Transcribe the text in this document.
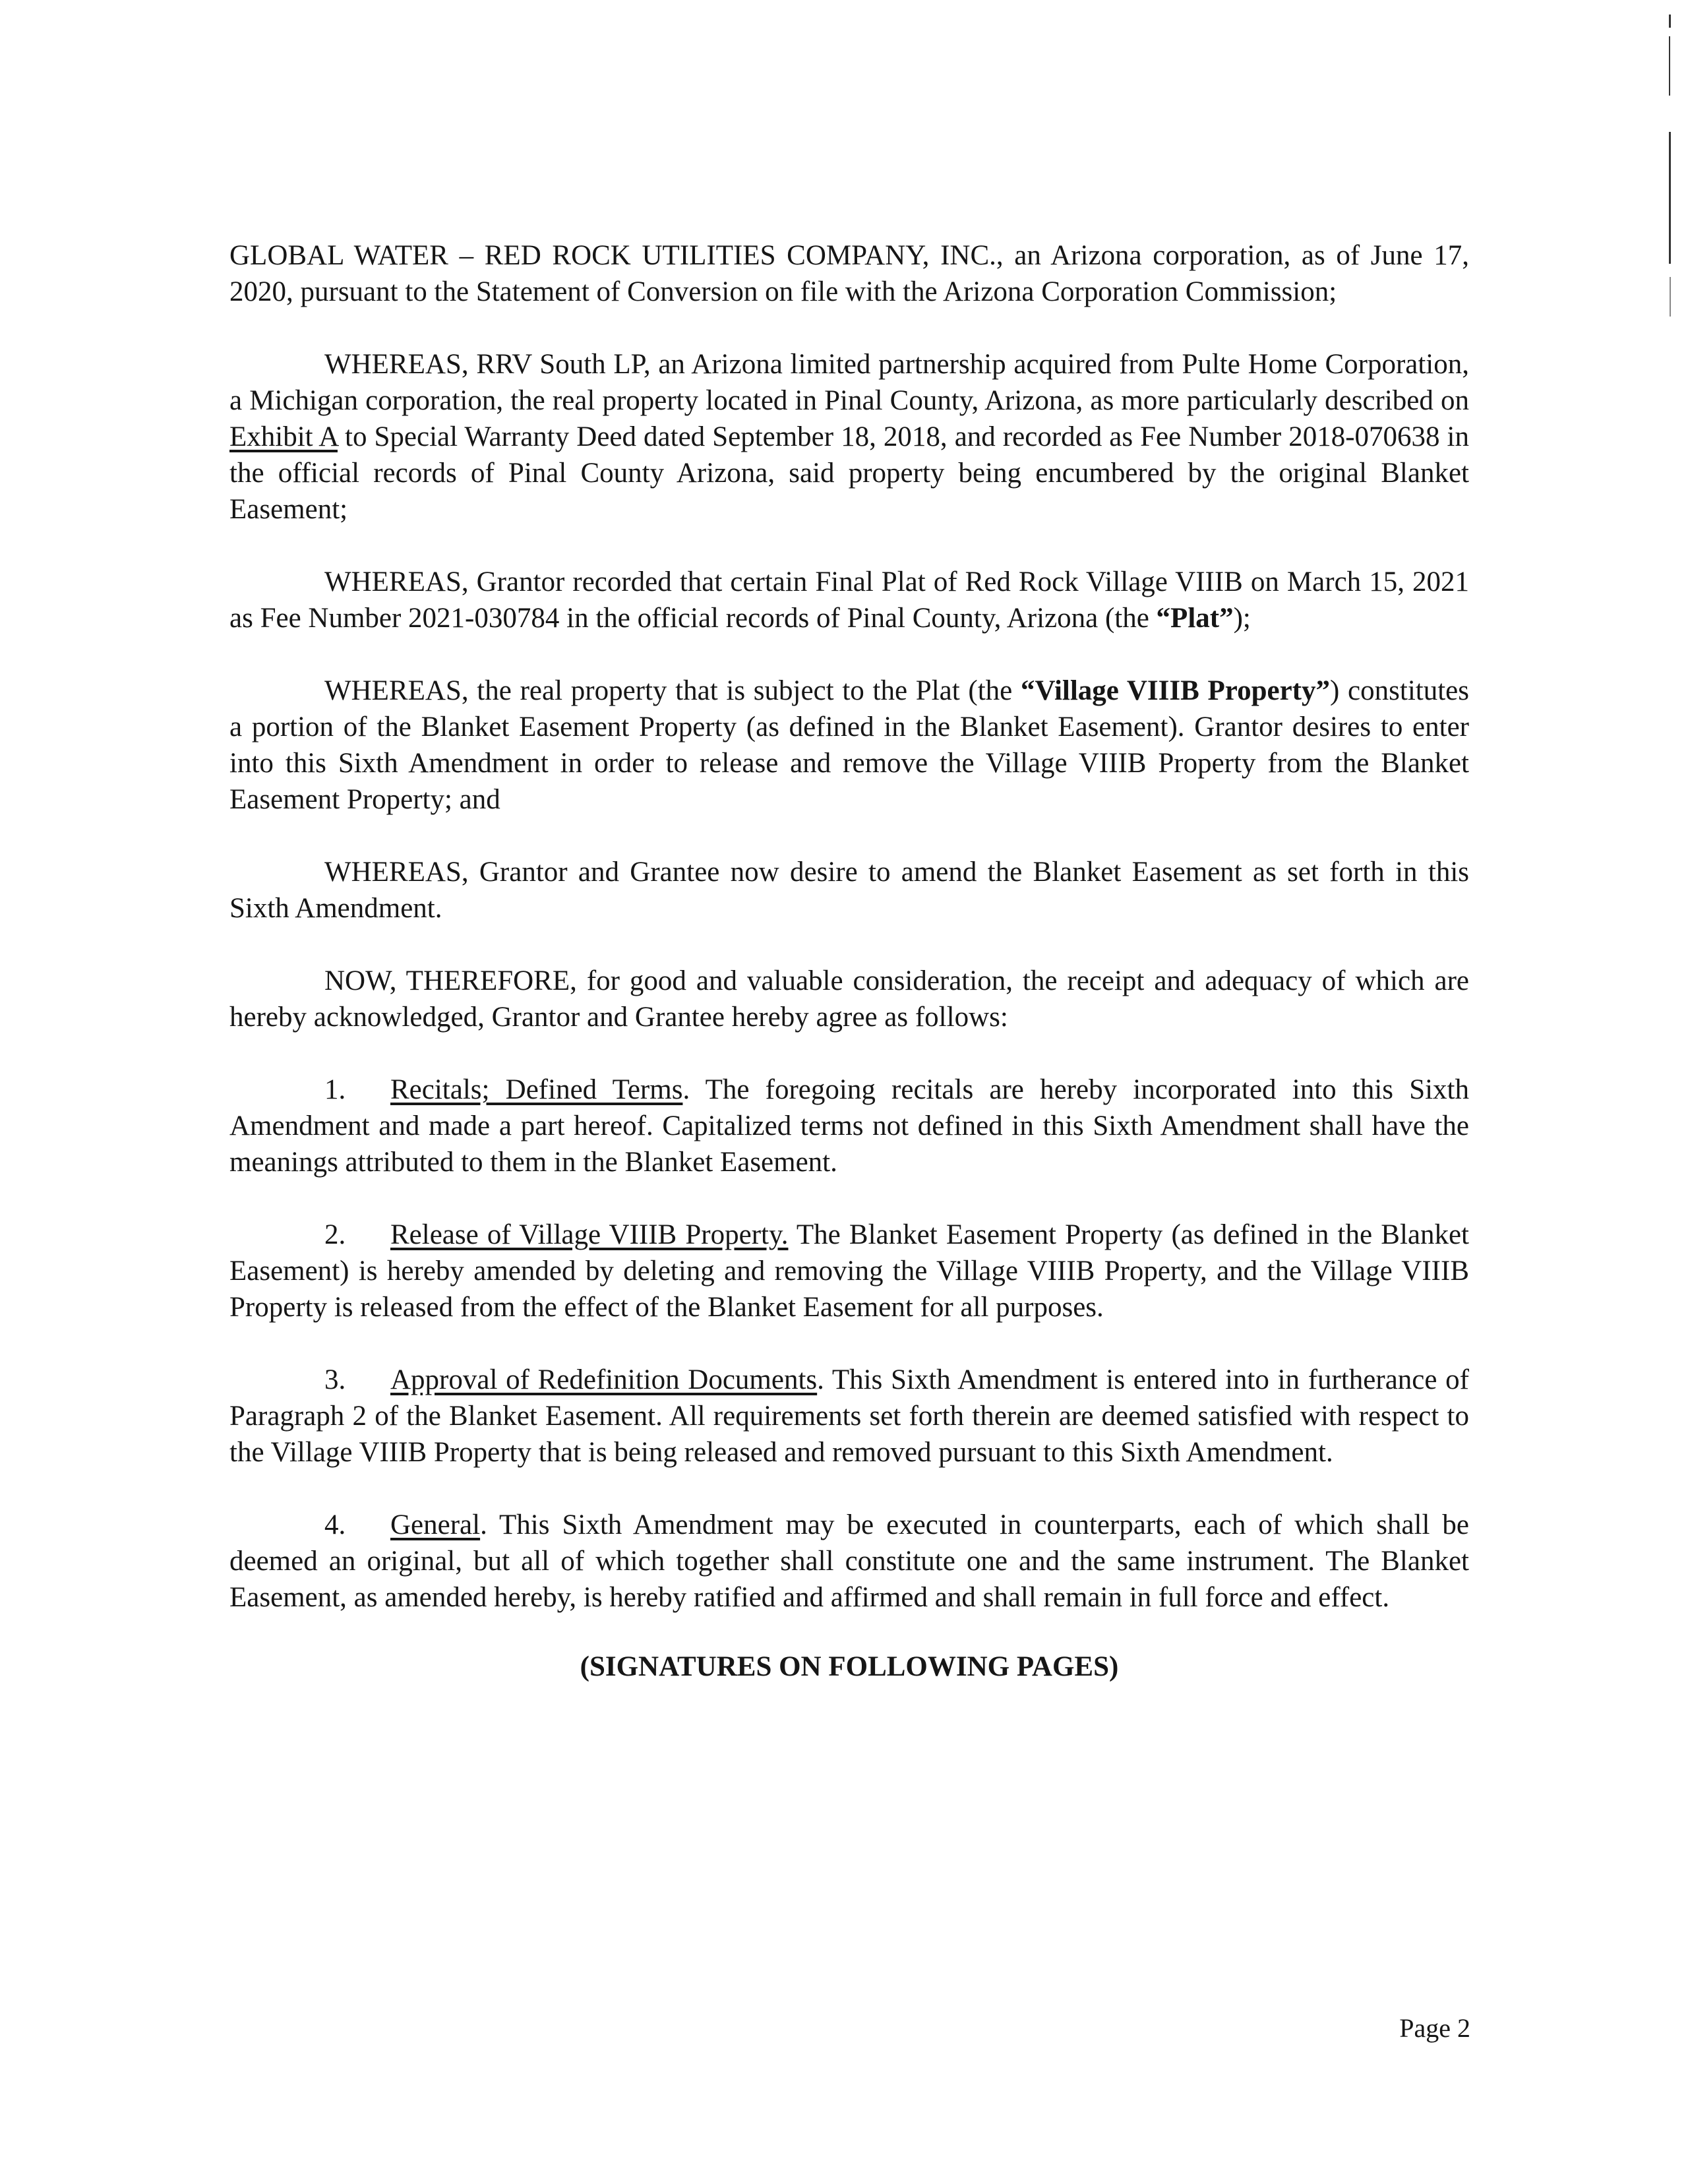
GLOBAL WATER – RED ROCK UTILITIES COMPANY, INC., an Arizona corporation, as of June 17, 2020, pursuant to the Statement of Conversion on file with the Arizona Corporation Commission;

WHEREAS, RRV South LP, an Arizona limited partnership acquired from Pulte Home Corporation, a Michigan corporation, the real property located in Pinal County, Arizona, as more particularly described on Exhibit A to Special Warranty Deed dated September 18, 2018, and recorded as Fee Number 2018-070638 in the official records of Pinal County Arizona, said property being encumbered by the original Blanket Easement;

WHEREAS, Grantor recorded that certain Final Plat of Red Rock Village VIIIB on March 15, 2021 as Fee Number 2021-030784 in the official records of Pinal County, Arizona (the “Plat”);

WHEREAS, the real property that is subject to the Plat (the “Village VIIIB Property”) constitutes a portion of the Blanket Easement Property (as defined in the Blanket Easement). Grantor desires to enter into this Sixth Amendment in order to release and remove the Village VIIIB Property from the Blanket Easement Property; and

WHEREAS, Grantor and Grantee now desire to amend the Blanket Easement as set forth in this Sixth Amendment.

NOW, THEREFORE, for good and valuable consideration, the receipt and adequacy of which are hereby acknowledged, Grantor and Grantee hereby agree as follows:

1. Recitals; Defined Terms. The foregoing recitals are hereby incorporated into this Sixth Amendment and made a part hereof. Capitalized terms not defined in this Sixth Amendment shall have the meanings attributed to them in the Blanket Easement.

2. Release of Village VIIIB Property. The Blanket Easement Property (as defined in the Blanket Easement) is hereby amended by deleting and removing the Village VIIIB Property, and the Village VIIIB Property is released from the effect of the Blanket Easement for all purposes.

3. Approval of Redefinition Documents. This Sixth Amendment is entered into in furtherance of Paragraph 2 of the Blanket Easement. All requirements set forth therein are deemed satisfied with respect to the Village VIIIB Property that is being released and removed pursuant to this Sixth Amendment.

4. General. This Sixth Amendment may be executed in counterparts, each of which shall be deemed an original, but all of which together shall constitute one and the same instrument. The Blanket Easement, as amended hereby, is hereby ratified and affirmed and shall remain in full force and effect.

(SIGNATURES ON FOLLOWING PAGES)

Page 2
